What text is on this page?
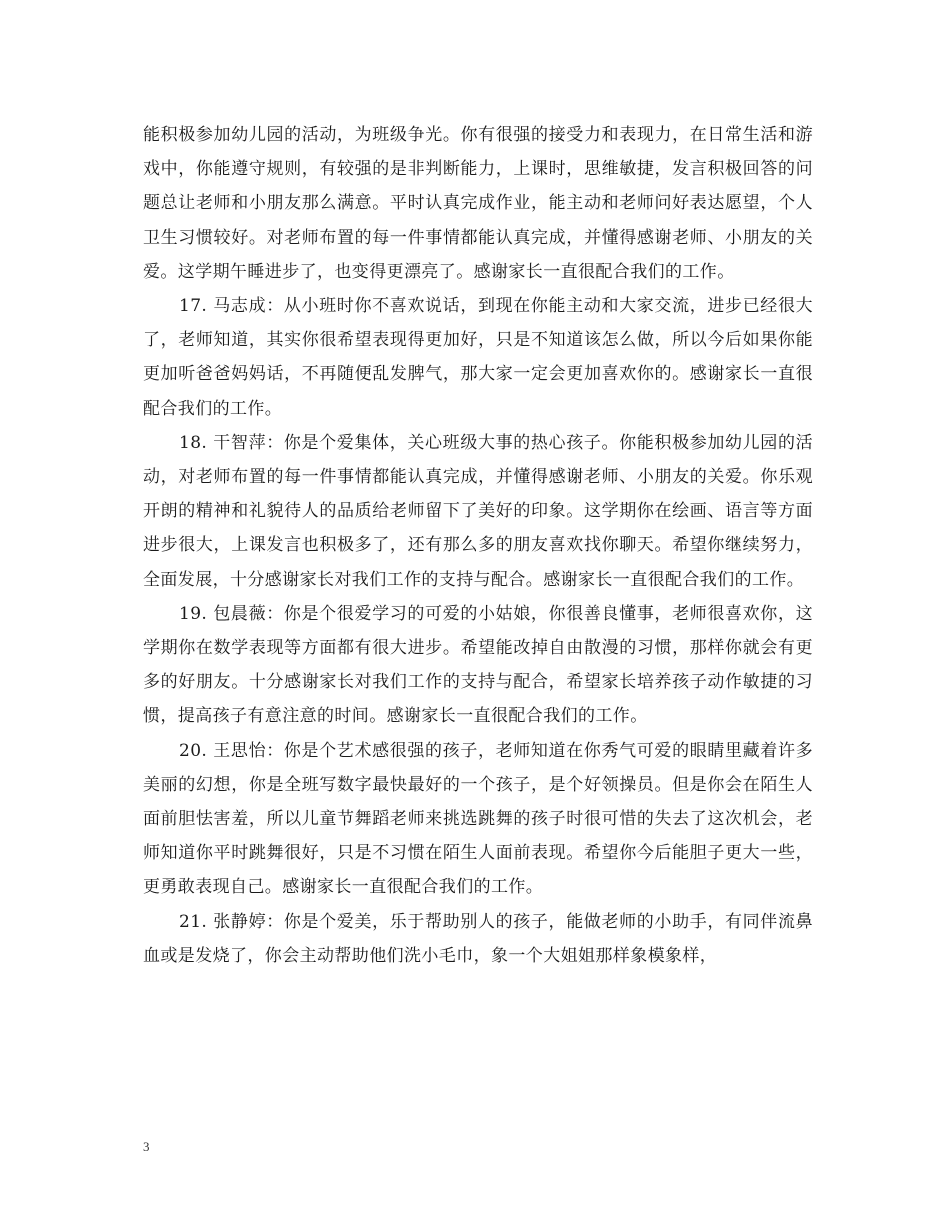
能积极参加幼儿园的活动，为班级争光。你有很强的接受力和表现力，在日常生活和游戏中，你能遵守规则，有较强的是非判断能力，上课时，思维敏捷，发言积极回答的问题总让老师和小朋友那么满意。平时认真完成作业，能主动和老师问好表达愿望，个人卫生习惯较好。对老师布置的每一件事情都能认真完成，并懂得感谢老师、小朋友的关爱。这学期午睡进步了，也变得更漂亮了。感谢家长一直很配合我们的工作。

17. 马志成：从小班时你不喜欢说话，到现在你能主动和大家交流，进步已经很大了，老师知道，其实你很希望表现得更加好，只是不知道该怎么做，所以今后如果你能更加听爸爸妈妈话，不再随便乱发脾气，那大家一定会更加喜欢你的。感谢家长一直很配合我们的工作。

18. 干智萍：你是个爱集体，关心班级大事的热心孩子。你能积极参加幼儿园的活动，对老师布置的每一件事情都能认真完成，并懂得感谢老师、小朋友的关爱。你乐观开朗的精神和礼貌待人的品质给老师留下了美好的印象。这学期你在绘画、语言等方面进步很大，上课发言也积极多了，还有那么多的朋友喜欢找你聊天。希望你继续努力，全面发展，十分感谢家长对我们工作的支持与配合。感谢家长一直很配合我们的工作。

19. 包晨薇：你是个很爱学习的可爱的小姑娘，你很善良懂事，老师很喜欢你，这学期你在数学表现等方面都有很大进步。希望能改掉自由散漫的习惯，那样你就会有更多的好朋友。十分感谢家长对我们工作的支持与配合，希望家长培养孩子动作敏捷的习惯，提高孩子有意注意的时间。感谢家长一直很配合我们的工作。

20. 王思怡：你是个艺术感很强的孩子，老师知道在你秀气可爱的眼睛里藏着许多美丽的幻想，你是全班写数字最快最好的一个孩子，是个好领操员。但是你会在陌生人面前胆怯害羞，所以儿童节舞蹈老师来挑选跳舞的孩子时很可惜的失去了这次机会，老师知道你平时跳舞很好，只是不习惯在陌生人面前表现。希望你今后能胆子更大一些，更勇敢表现自己。感谢家长一直很配合我们的工作。

21. 张静婷：你是个爱美，乐于帮助别人的孩子，能做老师的小助手，有同伴流鼻血或是发烧了，你会主动帮助他们洗小毛巾，象一个大姐姐那样象模象样，

3
